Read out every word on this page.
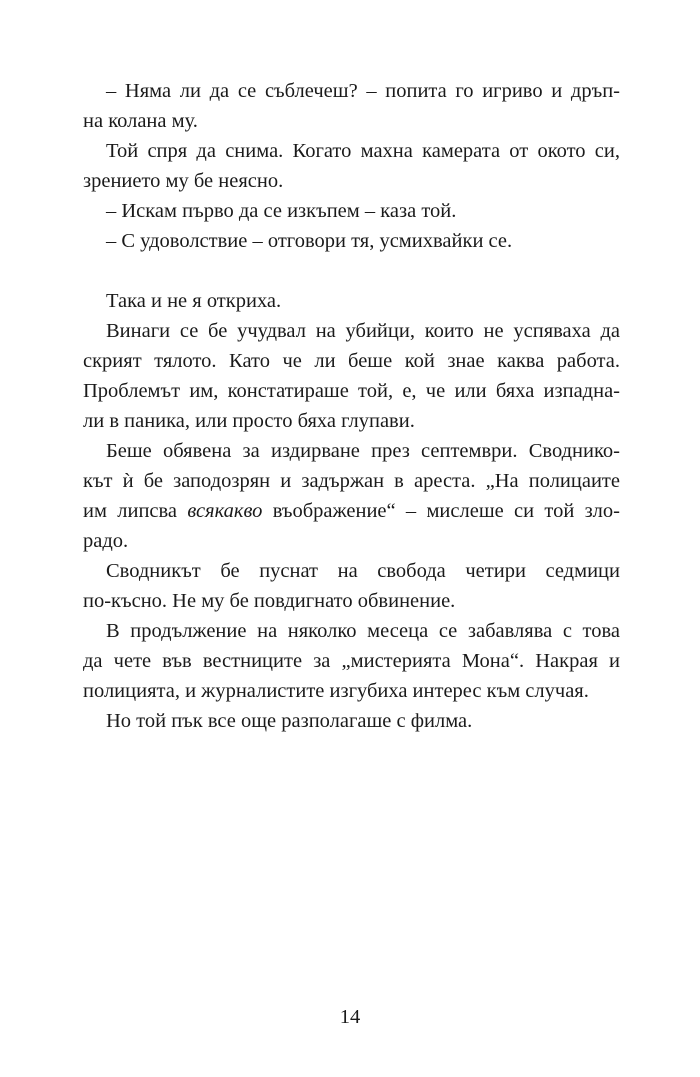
– Няма ли да се съблечеш? – попита го игриво и дръп-
на колана му.
Той спря да снима. Когато махна камерата от окото си,
зрението му бе неясно.
– Искам първо да се изкъпем – каза той.
– С удоволствие – отговори тя, усмихвайки се.
Така и не я откриха.
Винаги се бе учудвал на убийци, които не успяваха да
скрият тялото. Като че ли беше кой знае каква работа.
Проблемът им, констатираше той, е, че или бяха изпадна-
ли в паника, или просто бяха глупави.
Беше обявена за издирване през септември. Своднико-
кът ѝ бе заподозрян и задържан в ареста. „На полицаите
им липсва всякакво въображение“ – мислеше си той зло-
радо.
Сводникът бе пуснат на свобода четири седмици
по-късно. Не му бе повдигнато обвинение.
В продължение на няколко месеца се забавлява с това
да чете във вестниците за „мистерията Мона“. Накрая и
полицията, и журналистите изгубиха интерес към случая.
Но той пък все още разполагаше с филма.
14
